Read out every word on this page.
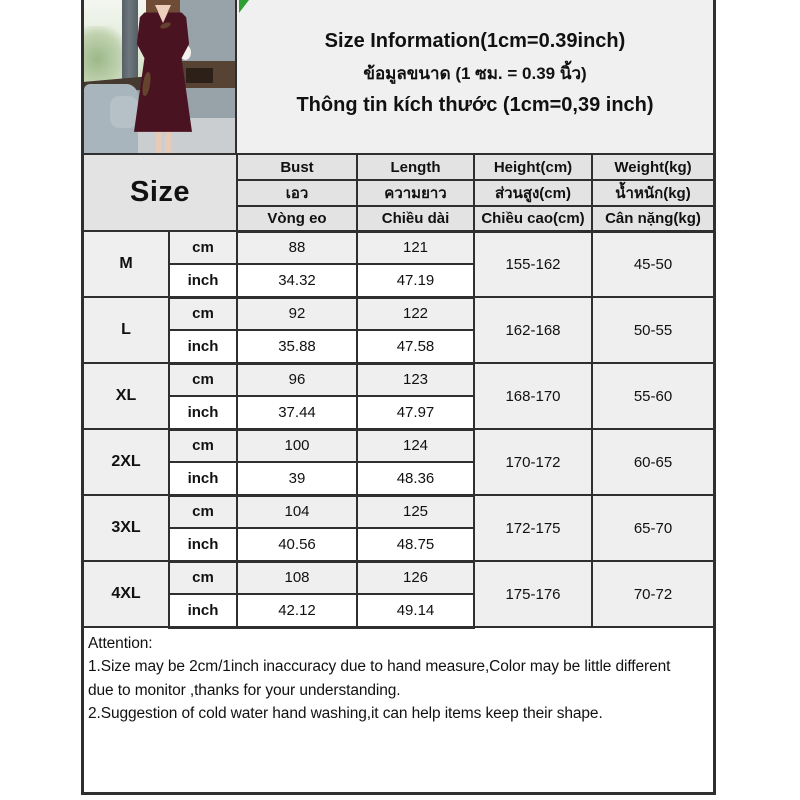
Size Information(1cm=0.39inch)
ข้อมูลขนาด (1 ซม. = 0.39 นิ้ว)
Thông tin kích thước (1cm=0,39 inch)
Size		Bust	Length	Height(cm)	Weight(kg)
		เอว	ความยาว	ส่วนสูง(cm)	น้ำหนัก(kg)
		Vòng eo	Chiều dài	Chiều cao(cm)	Cân nặng(kg)
M	cm	88	121	155-162	45-50
	inch	34.32	47.19		
L	cm	92	122	162-168	50-55
	inch	35.88	47.58		
XL	cm	96	123	168-170	55-60
	inch	37.44	47.97		
2XL	cm	100	124	170-172	60-65
	inch	39	48.36		
3XL	cm	104	125	172-175	65-70
	inch	40.56	48.75		
4XL	cm	108	126	175-176	70-72
	inch	42.12	49.14		
Attention:
1.Size may be 2cm/1inch inaccuracy due to hand measure,Color may be little different
due to monitor ,thanks for your understanding.
2.Suggestion of cold water hand washing,it can help items keep their shape.
